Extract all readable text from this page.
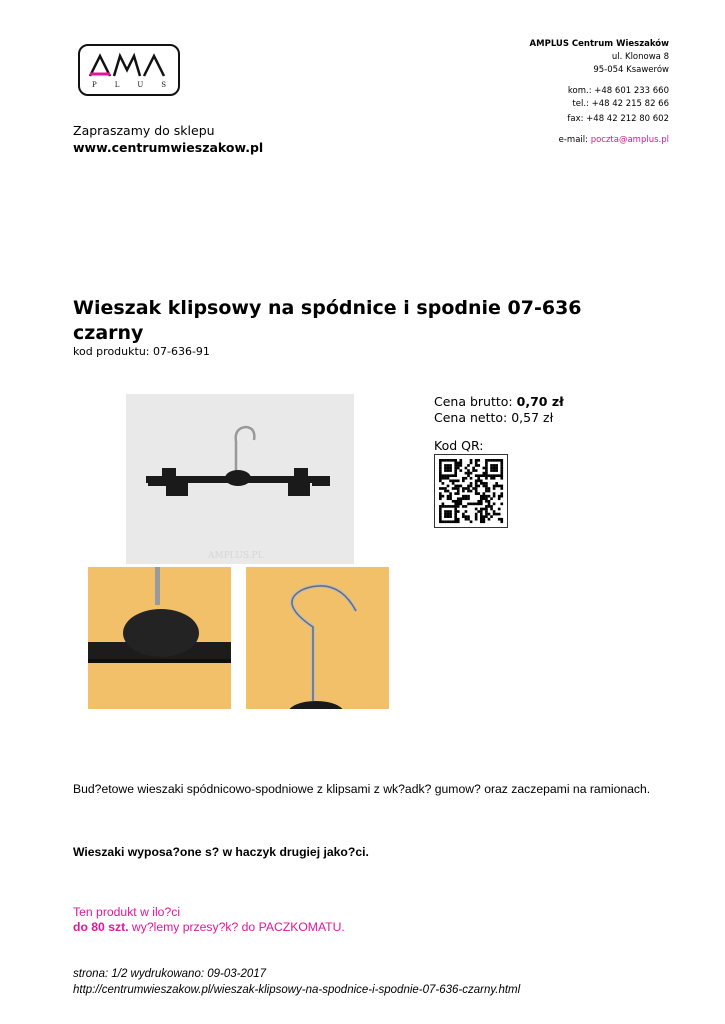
P	L	U	S
AMPLUS Centrum Wieszaków
ul. Klonowa 8
95-054 Ksawerów
kom.: +48 601 233 660
tel.: +48 42 215 82 66
fax: +48 42 212 80 602
e-mail: poczta@amplus.pl
Zapraszamy do sklepu
www.centrumwieszakow.pl
Wieszak klipsowy na spódnice i spodnie 07-636 czarny
kod produktu: 07-636-91
AMPLUS.PL
Cena brutto: 0,70 zł
Cena netto: 0,57 zł
Kod QR:
Bud?etowe wieszaki spódnicowo-spodniowe z klipsami z wk?adk? gumow? oraz zaczepami na ramionach.
Wieszaki wyposa?one s? w haczyk drugiej jako?ci.
Ten produkt w ilo?ci
do 80 szt. wy?lemy przesy?k? do PACZKOMATU.
strona: 1/2 wydrukowano: 09-03-2017
http://centrumwieszakow.pl/wieszak-klipsowy-na-spodnice-i-spodnie-07-636-czarny.html
